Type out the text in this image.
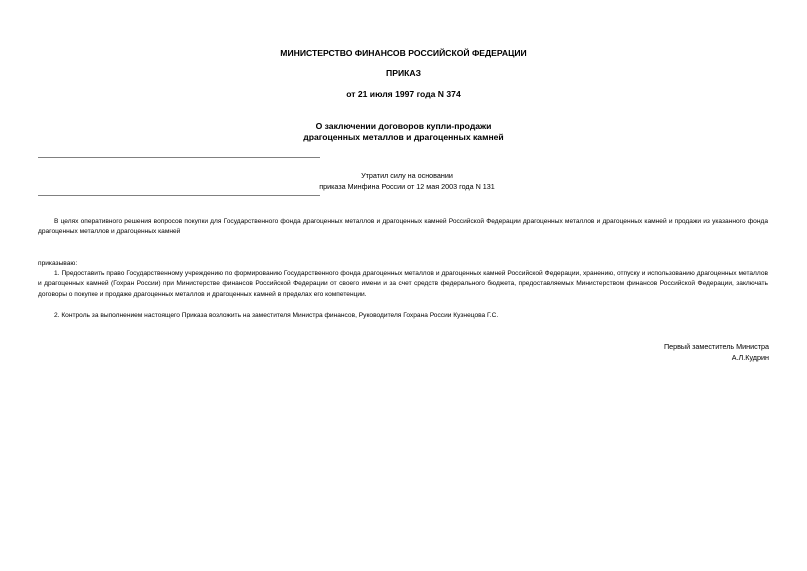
МИНИСТЕРСТВО ФИНАНСОВ РОССИЙСКОЙ ФЕДЕРАЦИИ
ПРИКАЗ
от 21 июля 1997 года N 374
О заключении договоров купли-продажи
драгоценных металлов и драгоценных камней
Утратил силу на основании
приказа Минфина России от 12 мая 2003 года N 131
В целях оперативного решения вопросов покупки для Государственного фонда драгоценных металлов и драгоценных камней Российской Федерации драгоценных металлов и драгоценных камней и продажи из указанного фонда драгоценных металлов и драгоценных камней
приказываю:
1. Предоставить право Государственному учреждению по формированию Государственного фонда драгоценных металлов и драгоценных камней Российской Федерации, хранению, отпуску и использованию драгоценных металлов и драгоценных камней (Гохран России) при Министерстве финансов Российской Федерации от своего имени и за счет средств федерального бюджета, предоставляемых Министерством финансов Российской Федерации, заключать договоры о покупке и продаже драгоценных металлов и драгоценных камней в пределах его компетенции.
2. Контроль за выполнением настоящего Приказа возложить на заместителя Министра финансов, Руководителя Гохрана России Кузнецова Г.С.
Первый заместитель Министра
А.Л.Кудрин
